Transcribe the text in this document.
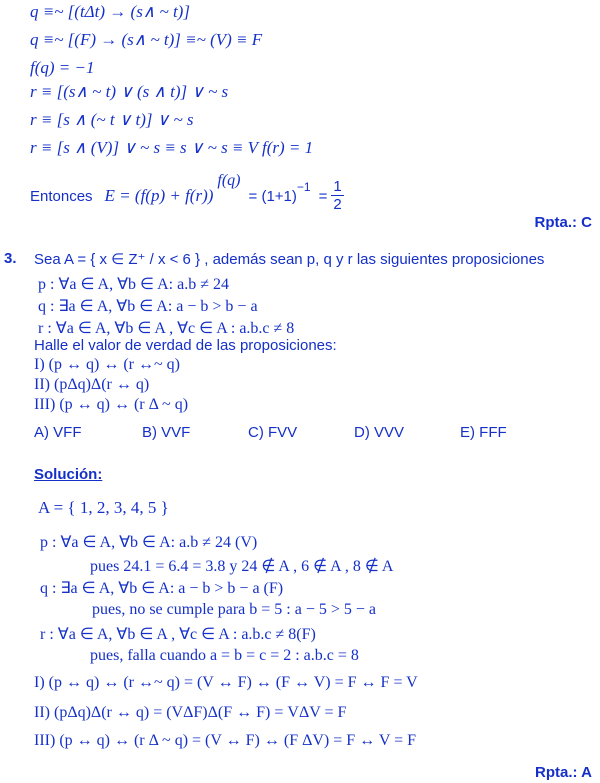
q ≡~ [(tΔt) → (s∧ ~ t)]
q ≡~ [(F) → (s∧ ~ t)] ≡~ (V) ≡ F
f(q) = −1
r ≡ [(s∧ ~ t) ∨ (s ∧ t)] ∨ ~ s
r ≡ [s ∧ (~ t ∨ t)] ∨ ~ s
r ≡ [s ∧ (V)] ∨ ~ s ≡ s ∨ ~ s ≡ V f(r) = 1
Entonces E = (f(p) + f(r)) $f(q) = (1+1)_{-1} = \frac{1}{2}$
Rpta.: C
3. Sea A = { x ∈ Z⁺ / x < 6 } , además sean p, q y r las siguientes proposiciones
p : ∀a ∈ A, ∀b ∈ A: a.b ≠ 24
q : ∃a ∈ A, ∀b ∈ A: a − b > b − a
r : ∀a ∈ A, ∀b ∈ A , ∀c ∈ A : a.b.c ≠ 8
Halle el valor de verdad de las proposiciones:
I) (p ↔ q) ↔ (r ↔~ q)
II) (pΔq)Δ(r ↔ q)
III) (p ↔ q) ↔ (r Δ ~ q)
A) VFF	B) VVF	C) FVV	D) VVV	E) FFF
Solución:
A = { 1, 2, 3, 4, 5 }
p : ∀a ∈ A, ∀b ∈ A: a.b ≠ 24 (V)
pues 24.1 = 6.4 = 3.8 y 24 ∉ A , 6 ∉ A , 8 ∉ A
q : ∃a ∈ A, ∀b ∈ A: a − b > b − a (F)
pues, no se cumple para b = 5 : a − 5 > 5 − a
r : ∀a ∈ A, ∀b ∈ A , ∀c ∈ A : a.b.c ≠ 8(F)
pues, falla cuando a = b = c = 2 : a.b.c = 8
I) (p ↔ q) ↔ (r ↔~ q) = (V ↔ F) ↔ (F ↔ V) = F ↔ F = V
II) (pΔq)Δ(r ↔ q) = (VΔF)Δ(F ↔ F) = VΔV = F
III) (p ↔ q) ↔ (r Δ ~ q) = (V ↔ F) ↔ (F ΔV) = F ↔ V = F
Rpta.: A
